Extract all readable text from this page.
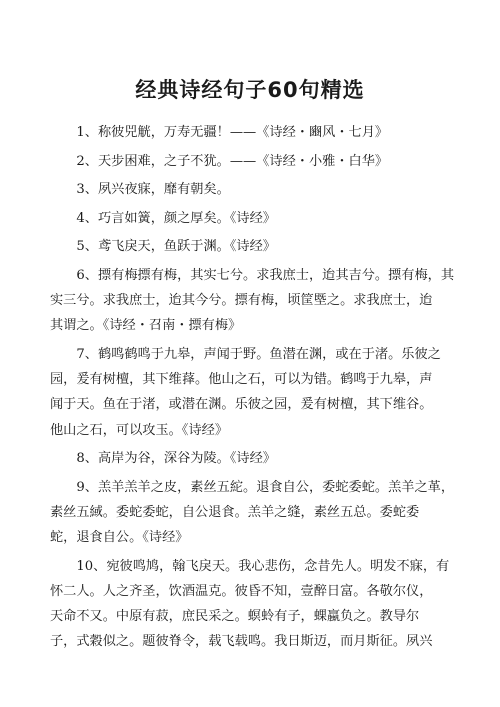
经典诗经句子60句精选

1、称彼兕觥，万寿无疆！——《诗经・豳风・七月》

2、天步困难，之子不犹。——《诗经・小雅・白华》

3、夙兴夜寐，靡有朝矣。

4、巧言如簧，颜之厚矣。《诗经》

5、鸢飞戾天，鱼跃于渊。《诗经》

6、摽有梅摽有梅，其实七兮。求我庶士，迨其吉兮。摽有梅，其
实三兮。求我庶士，迨其今兮。摽有梅，顷筐塈之。求我庶士，迨
其谓之。《诗经・召南・摽有梅》

7、鹤鸣鹤鸣于九皋，声闻于野。鱼潜在渊，或在于渚。乐彼之
园，爰有树檀，其下维萚。他山之石，可以为错。鹤鸣于九皋，声
闻于天。鱼在于渚，或潜在渊。乐彼之园，爰有树檀，其下维谷。
他山之石，可以攻玉。《诗经》

8、高岸为谷，深谷为陵。《诗经》

9、羔羊羔羊之皮，素丝五紽。退食自公，委蛇委蛇。羔羊之革，
素丝五緎。委蛇委蛇，自公退食。羔羊之缝，素丝五总。委蛇委
蛇，退食自公。《诗经》

10、宛彼鸣鸠，翰飞戾天。我心悲伤，念昔先人。明发不寐，有
怀二人。人之齐圣，饮酒温克。彼昏不知，壹醉日富。各敬尔仪，
天命不又。中原有菽，庶民采之。螟蛉有子，蜾蠃负之。教导尔
子，式穀似之。题彼脊令，载飞载鸣。我日斯迈，而月斯征。夙兴
